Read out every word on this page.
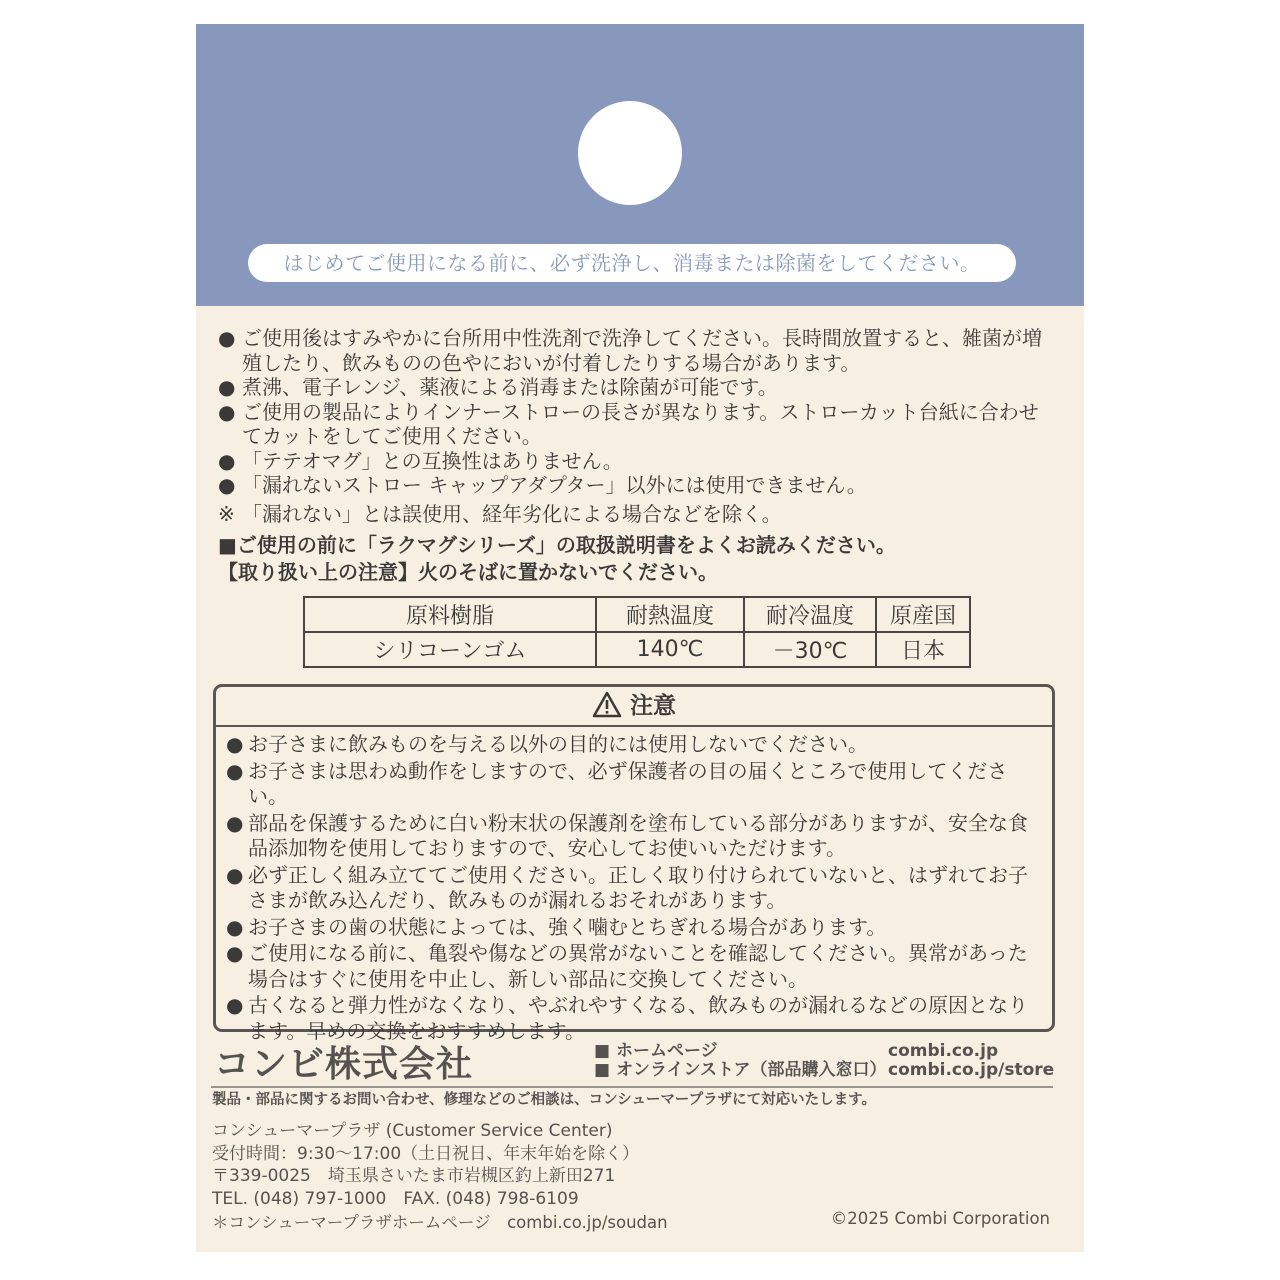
はじめてご使用になる前に、必ず洗浄し、消毒または除菌をしてください。
● ご使用後はすみやかに台所用中性洗剤で洗浄してください。長時間放置すると、雑菌が増殖したり、飲みものの色やにおいが付着したりする場合があります。
● 煮沸、電子レンジ、薬液による消毒または除菌が可能です。
● ご使用の製品によりインナーストローの長さが異なります。ストローカット台紙に合わせてカットをしてご使用ください。
● 「テテオマグ」との互換性はありません。
● 「漏れないストロー キャップアダプター」以外には使用できません。
※ 「漏れない」とは誤使用、経年劣化による場合などを除く。
■ご使用の前に「ラクマグシリーズ」の取扱説明書をよくお読みください。
【取り扱い上の注意】火のそばに置かないでください。
原料樹脂	耐熱温度	耐冷温度	原産国
シリコーンゴム	140℃	－30℃	日本
注意
● お子さまに飲みものを与える以外の目的には使用しないでください。
● お子さまは思わぬ動作をしますので、必ず保護者の目の届くところで使用してください。
● 部品を保護するために白い粉末状の保護剤を塗布している部分がありますが、安全な食品添加物を使用しておりますので、安心してお使いいただけます。
● 必ず正しく組み立ててご使用ください。正しく取り付けられていないと、はずれてお子さまが飲み込んだり、飲みものが漏れるおそれがあります。
● お子さまの歯の状態によっては、強く噛むとちぎれる場合があります。
● ご使用になる前に、亀裂や傷などの異常がないことを確認してください。異常があった場合はすぐに使用を中止し、新しい部品に交換してください。
● 古くなると弾力性がなくなり、やぶれやすくなる、飲みものが漏れるなどの原因となります。早めの交換をおすすめします。
コンビ株式会社	■ ホームページ	combi.co.jp
■ オンラインストア（部品購入窓口） combi.co.jp/store
製品・部品に関するお問い合わせ、修理などのご相談は、コンシューマープラザにて対応いたします。
コンシューマープラザ (Customer Service Center)
受付時間：9:30～17:00（土日祝日、年末年始を除く）
〒339-0025　埼玉県さいたま市岩槻区釣上新田271
TEL. (048) 797-1000　FAX. (048) 798-6109
＊コンシューマープラザホームページ　combi.co.jp/soudan	©2025 Combi Corporation
